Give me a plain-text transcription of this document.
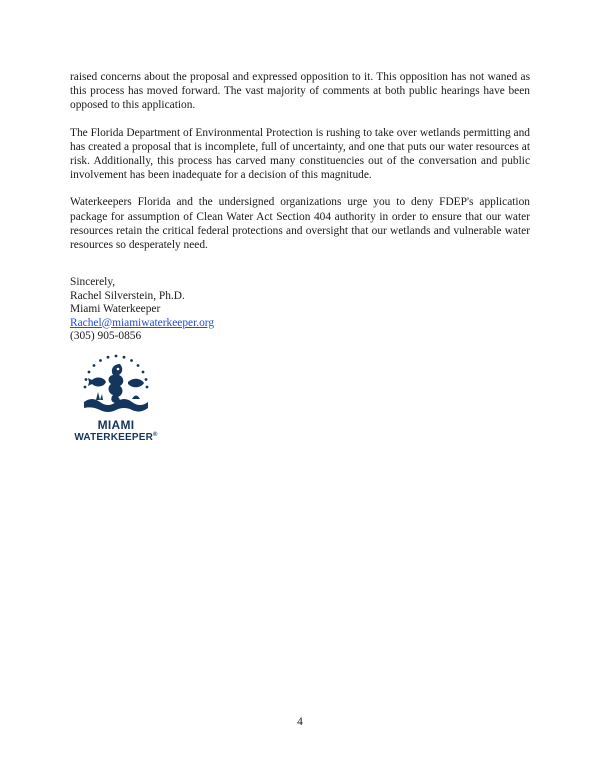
raised concerns about the proposal and expressed opposition to it. This opposition has not waned as this process has moved forward. The vast majority of comments at both public hearings have been opposed to this application.

The Florida Department of Environmental Protection is rushing to take over wetlands permitting and has created a proposal that is incomplete, full of uncertainty, and one that puts our water resources at risk. Additionally, this process has carved many constituencies out of the conversation and public involvement has been inadequate for a decision of this magnitude.

Waterkeepers Florida and the undersigned organizations urge you to deny FDEP's application package for assumption of Clean Water Act Section 404 authority in order to ensure that our water resources retain the critical federal protections and oversight that our wetlands and vulnerable water resources so desperately need.

Sincerely,
Rachel Silverstein, Ph.D.
Miami Waterkeeper
Rachel@miamiwaterkeeper.org
(305) 905-0856
MIAMI
WATERKEEPER®
4
